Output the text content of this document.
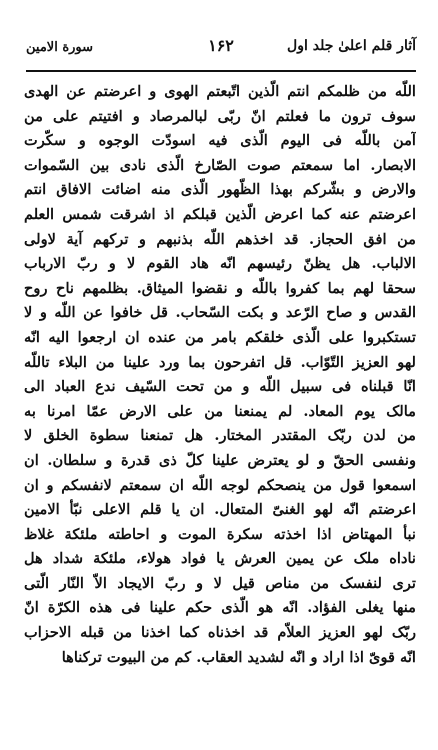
آثار قلم اعلیٰ جلد اول
۱۶۲
سورة الامین
اللّه من ظلمکم انتم الّذین اتّبعتم الهوی و اعرضتم عن الهدی
سوف ترون ما فعلتم انّ ربّی لبالمرصاد و افتیتم علی من
آمن باللّه فی الیوم الّذی فیه اسودّت الوجوه و سکّرت
الابصار. اما سمعتم صوت الصّارخ الّذی نادی بین السّموات
والارض و بشّرکم بهذا الظّهور الّذی منه اضائت الافاق انتم
اعرضتم عنه کما اعرض الّذین قبلکم اذ اشرقت شمس العلم
من افق الحجاز. قد اخذهم اللّه بذنبهم و ترکهم آیة لاولی
الالباب. هل یظنّ رئیسهم انّه هاد القوم لا و ربّ الارباب
سحقا لهم بما کفروا باللّه و نقضوا المیثاق. بظلمهم ناح روح
القدس و صاح الرّعد و بکت السّحاب. قل خافوا عن اللّه و لا
تستکبروا علی الّذی خلقکم بامر من عنده ان ارجعوا الیه انّه
لهو العزیز التّوّاب. قل اتفرحون بما ورد علینا من البلاء تاللّه
انّا قبلناه فی سبیل اللّه و من تحت السّیف ندع العباد الی
مالک یوم المعاد. لم یمنعنا من علی الارض عمّا امرنا به
من لدن ربّک المقتدر المختار. هل تمنعنا سطوة الخلق لا
ونفسی الحقّ و لو یعترض علینا کلّ ذی قدرة و سلطان. ان
اسمعوا قول من ینصحکم لوجه اللّه ان سمعتم لانفسکم و ان
اعرضتم انّه لهو الغنیّ المتعال. ان یا قلم الاعلی نبّأ الامین
نبأ المهتاض اذا اخذته سکرة الموت و احاطته ملئکة غلاظ
ناداه ملک عن یمین العرش یا فواد هولاء، ملئکة شداد هل
تری لنفسک من مناص قیل لا و ربّ الایجاد الاّ النّار الّتی
منها یغلی الفؤاد. انّه هو الّذی حکم علینا فی هذه الکرّة انّ
ربّک لهو العزیز العلاّم قد اخذناه کما اخذنا من قبله الاحزاب
انّه قویّ اذا اراد و انّه لشدید العقاب. کم من البیوت ترکناها
